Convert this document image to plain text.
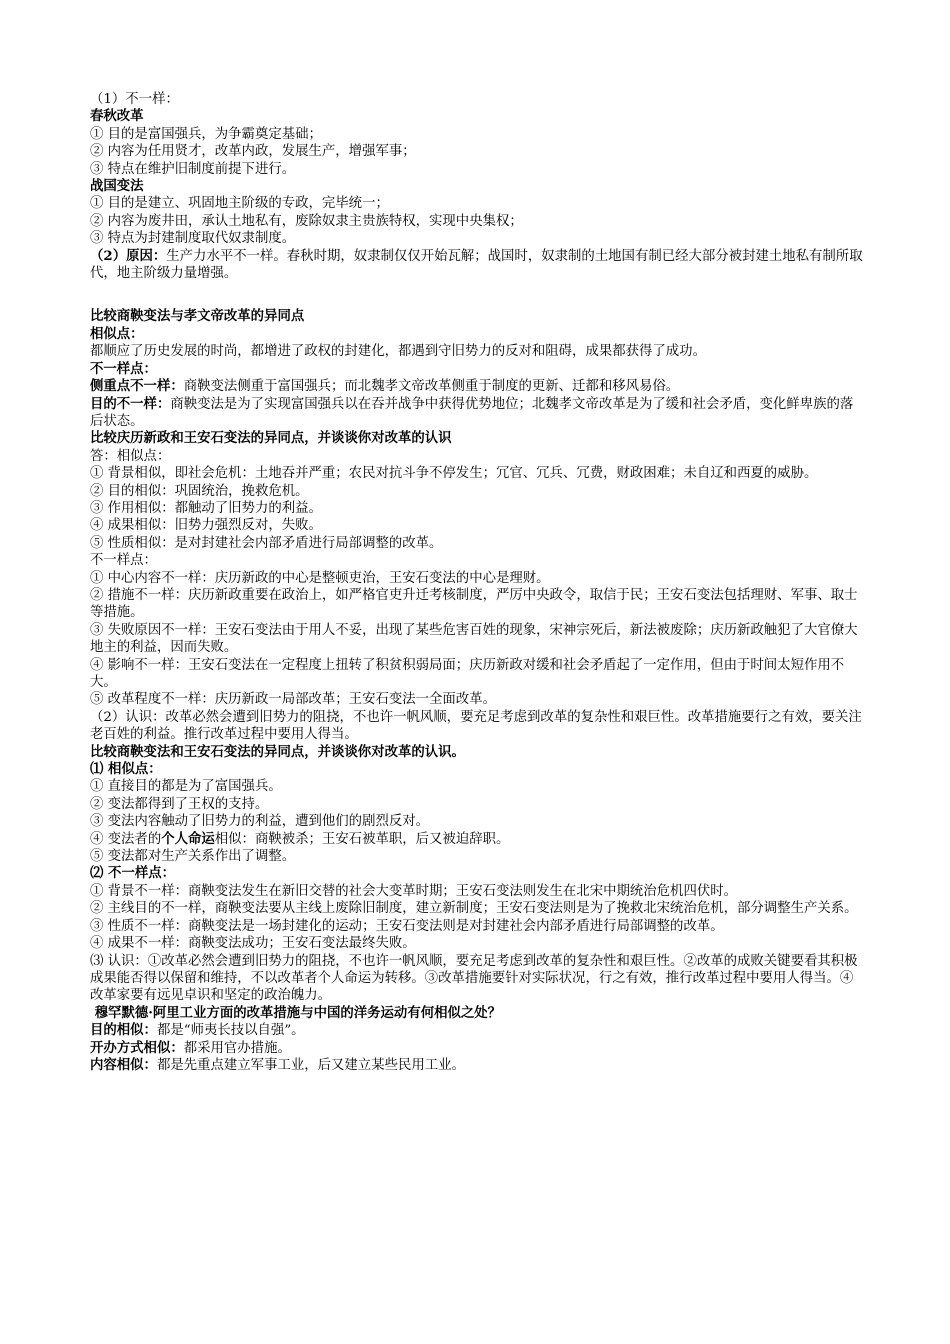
（1）不一样：
春秋改革
① 目的是富国强兵，为争霸奠定基础；
② 内容为任用贤才，改革内政，发展生产，增强军事；
③ 特点在维护旧制度前提下进行。
战国变法
① 目的是建立、巩固地主阶级的专政，完毕统一；
② 内容为废井田，承认土地私有，废除奴隶主贵族特权，实现中央集权；
③ 特点为封建制度取代奴隶制度。
（2）原因：生产力水平不一样。春秋时期，奴隶制仅仅开始瓦解；战国时，奴隶制的土地国有制已经大部分被封建土地私有制所取代，地主阶级力量增强。
比较商鞅变法与孝文帝改革的异同点
相似点：
都顺应了历史发展的时尚，都增进了政权的封建化，都遇到守旧势力的反对和阻碍，成果都获得了成功。
不一样点：
侧重点不一样：商鞅变法侧重于富国强兵；而北魏孝文帝改革侧重于制度的更新、迁都和移风易俗。
目的不一样：商鞅变法是为了实现富国强兵以在吞并战争中获得优势地位；北魏孝文帝改革是为了缓和社会矛盾，变化鲜卑族的落后状态。
比较庆历新政和王安石变法的异同点，并谈谈你对改革的认识
答：相似点：
① 背景相似，即社会危机：土地吞并严重；农民对抗斗争不停发生；冗官、冗兵、冗费，财政困难；未自辽和西夏的威胁。
② 目的相似：巩固统治，挽救危机。
③ 作用相似：都触动了旧势力的利益。
④ 成果相似：旧势力强烈反对，失败。
⑤ 性质相似：是对封建社会内部矛盾进行局部调整的改革。
不一样点：
① 中心内容不一样：庆历新政的中心是整顿吏治，王安石变法的中心是理财。
② 措施不一样：庆历新政重要在政治上，如严格官吏升迁考核制度，严厉中央政令，取信于民；王安石变法包括理财、军事、取士等措施。
③ 失败原因不一样：王安石变法由于用人不妥，出现了某些危害百姓的现象，宋神宗死后，新法被废除；庆历新政触犯了大官僚大地主的利益，因而失败。
④ 影响不一样：王安石变法在一定程度上扭转了积贫积弱局面；庆历新政对缓和社会矛盾起了一定作用，但由于时间太短作用不大。
⑤ 改革程度不一样：庆历新政一局部改革；王安石变法一全面改革。
（2）认识：改革必然会遭到旧势力的阻挠，不也许一帆风顺，要充足考虑到改革的复杂性和艰巨性。改革措施要行之有效，要关注老百姓的利益。推行改革过程中要用人得当。
比较商鞅变法和王安石变法的异同点，并谈谈你对改革的认识。
⑴ 相似点：
① 直接目的都是为了富国强兵。
② 变法都得到了王权的支持。
③ 变法内容触动了旧势力的利益，遭到他们的剧烈反对。
④ 变法者的个人命运相似：商鞅被杀；王安石被革职，后又被迫辞职。
⑤ 变法都对生产关系作出了调整。
⑵ 不一样点：
① 背景不一样：商鞅变法发生在新旧交替的社会大变革时期；王安石变法则发生在北宋中期统治危机四伏时。
② 主线目的不一样，商鞅变法要从主线上废除旧制度，建立新制度；王安石变法则是为了挽救北宋统治危机，部分调整生产关系。
③ 性质不一样：商鞅变法是一场封建化的运动；王安石变法则是对封建社会内部矛盾进行局部调整的改革。
④ 成果不一样：商鞅变法成功；王安石变法最终失败。
⑶ 认识：①改革必然会遭到旧势力的阻挠，不也许一帆风顺，要充足考虑到改革的复杂性和艰巨性。②改革的成败关键要看其积极成果能否得以保留和维持，不以改革者个人命运为转移。③改革措施要针对实际状况，行之有效，推行改革过程中要用人得当。④改革家要有远见卓识和坚定的政治魄力。
穆罕默德·阿里工业方面的改革措施与中国的洋务运动有何相似之处？
目的相似：都是“师夷长技以自强”。
开办方式相似：都采用官办措施。
内容相似：都是先重点建立军事工业，后又建立某些民用工业。
